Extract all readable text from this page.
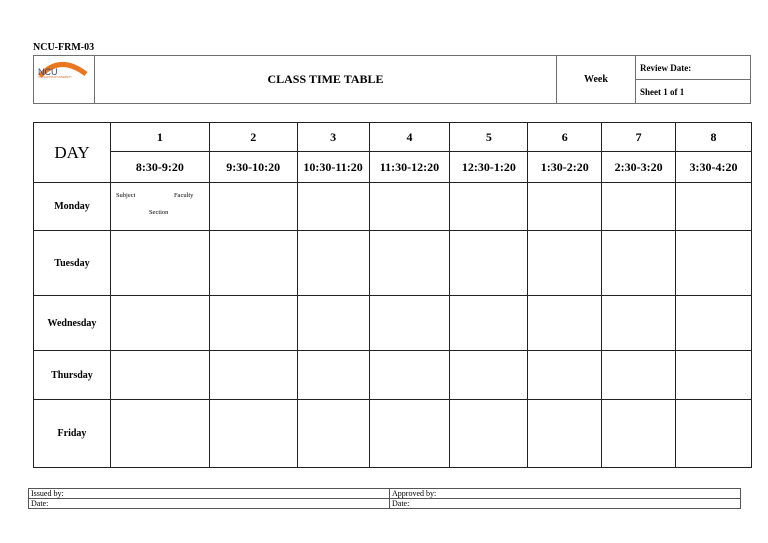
NCU-FRM-03
NCU
THE NORTHCAP UNIVERSITY	CLASS TIME TABLE	Week	Review Date:
Sheet 1 of 1
DAY	1	2	3	4	5	6	7	8
	8:30-9:20	9:30-10:20	10:30-11:20	11:30-12:20	12:30-1:20	1:30-2:20	2:30-3:20	3:30-4:20
Monday	Subject Faculty
Section							

Tuesday								
Wednesday								
Thursday								
Friday								
Issued by:	Approved by:
Date:	Date:
